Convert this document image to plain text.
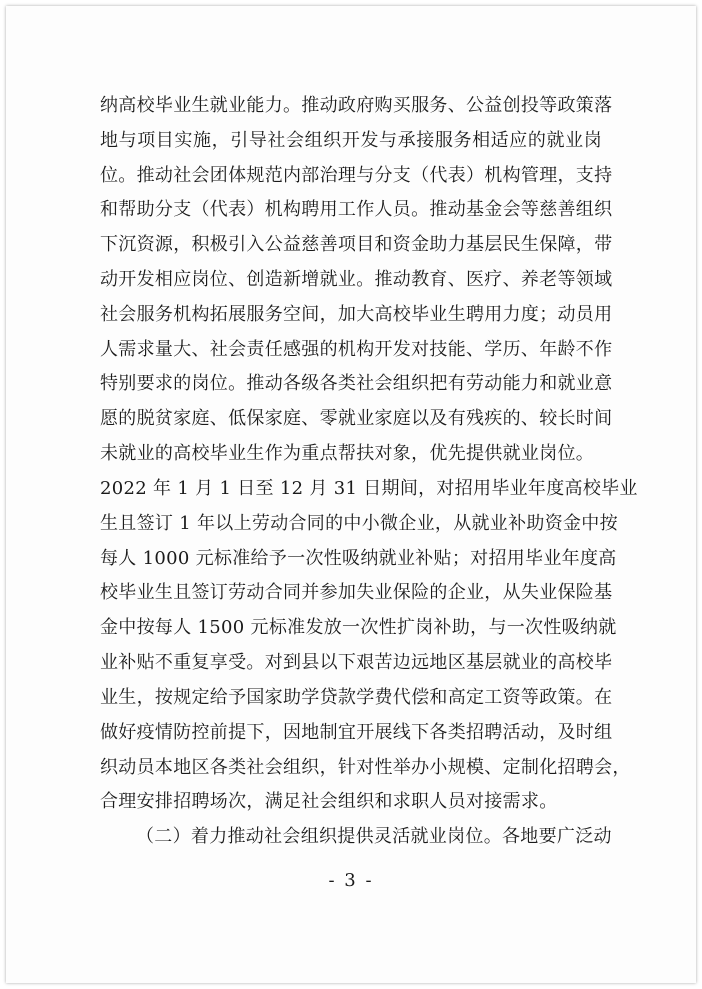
纳高校毕业生就业能力。推动政府购买服务、公益创投等政策落
地与项目实施，引导社会组织开发与承接服务相适应的就业岗
位。推动社会团体规范内部治理与分支（代表）机构管理，支持
和帮助分支（代表）机构聘用工作人员。推动基金会等慈善组织
下沉资源，积极引入公益慈善项目和资金助力基层民生保障，带
动开发相应岗位、创造新增就业。推动教育、医疗、养老等领域
社会服务机构拓展服务空间，加大高校毕业生聘用力度；动员用
人需求量大、社会责任感强的机构开发对技能、学历、年龄不作
特别要求的岗位。推动各级各类社会组织把有劳动能力和就业意
愿的脱贫家庭、低保家庭、零就业家庭以及有残疾的、较长时间
未就业的高校毕业生作为重点帮扶对象，优先提供就业岗位。
2022 年 1 月 1 日至 12 月 31 日期间，对招用毕业年度高校毕业
生且签订 1 年以上劳动合同的中小微企业，从就业补助资金中按
每人 1000 元标准给予一次性吸纳就业补贴；对招用毕业年度高
校毕业生且签订劳动合同并参加失业保险的企业，从失业保险基
金中按每人 1500 元标准发放一次性扩岗补助，与一次性吸纳就
业补贴不重复享受。对到县以下艰苦边远地区基层就业的高校毕
业生，按规定给予国家助学贷款学费代偿和高定工资等政策。在
做好疫情防控前提下，因地制宜开展线下各类招聘活动，及时组
织动员本地区各类社会组织，针对性举办小规模、定制化招聘会，
合理安排招聘场次，满足社会组织和求职人员对接需求。
（二）着力推动社会组织提供灵活就业岗位。各地要广泛动
- 3 -
